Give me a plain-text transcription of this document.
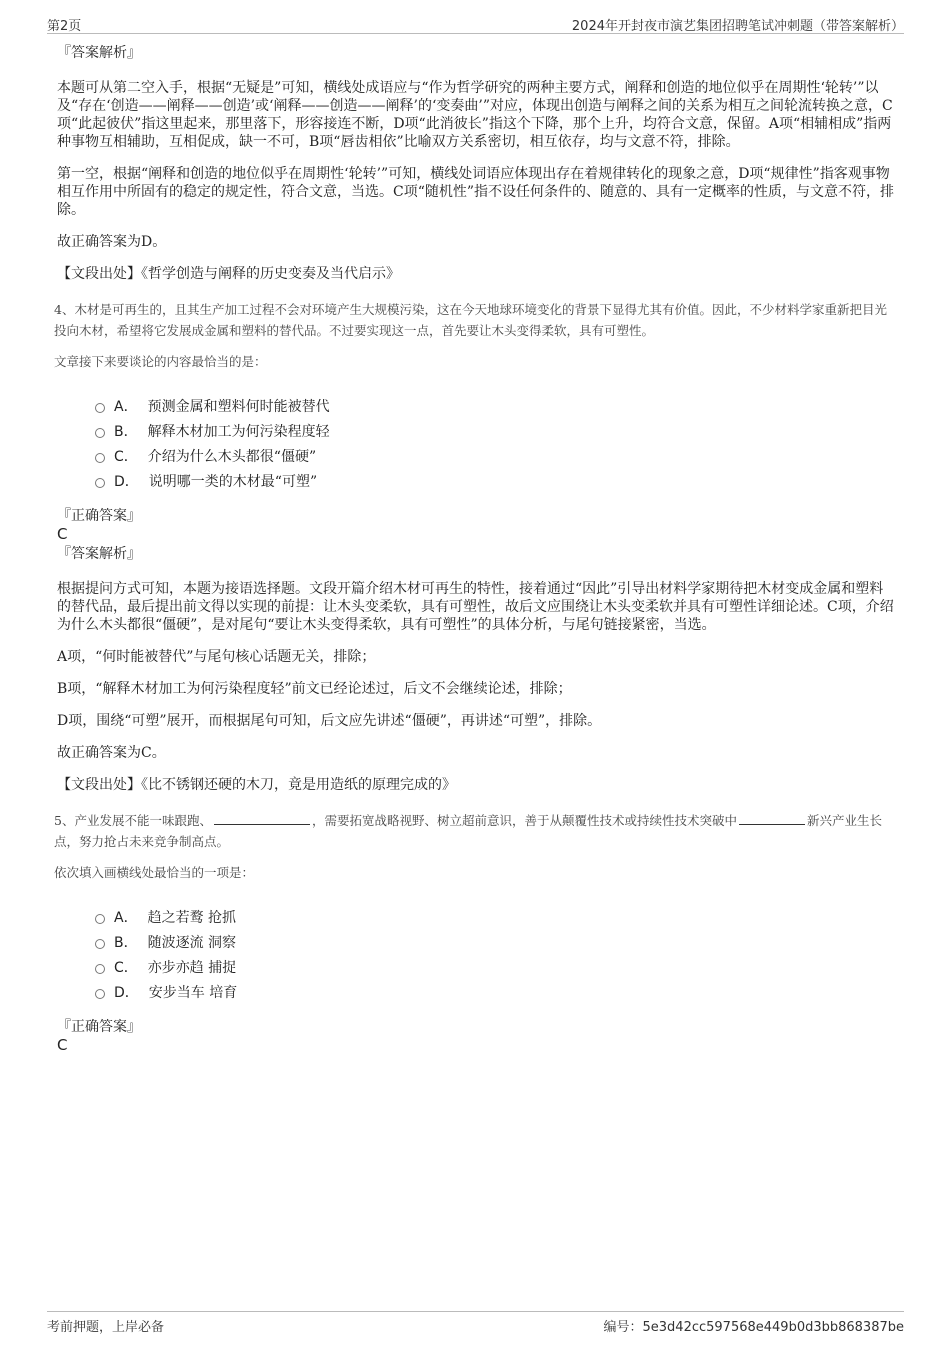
第2页	2024年开封夜市演艺集团招聘笔试冲刺题（带答案解析）
『答案解析』

本题可从第二空入手，根据“无疑是”可知，横线处成语应与“作为哲学研究的两种主要方式，阐释和创造的地位似乎在周期性‘轮转’”以及“存在‘创造——阐释——创造’或‘阐释——创造——阐释’的‘变奏曲’”对应，体现出创造与阐释之间的关系为相互之间轮流转换之意，C项“此起彼伏”指这里起来，那里落下，形容接连不断，D项“此消彼长”指这个下降，那个上升，均符合文意，保留。A项“相辅相成”指两种事物互相辅助，互相促成，缺一不可，B项“唇齿相依”比喻双方关系密切，相互依存，均与文意不符，排除。

第一空，根据“阐释和创造的地位似乎在周期性‘轮转’”可知，横线处词语应体现出存在着规律转化的现象之意，D项“规律性”指客观事物相互作用中所固有的稳定的规定性，符合文意，当选。C项“随机性”指不设任何条件的、随意的、具有一定概率的性质，与文意不符，排除。

故正确答案为D。

【文段出处】《哲学创造与阐释的历史变奏及当代启示》

4、木材是可再生的，且其生产加工过程不会对环境产生大规模污染，这在今天地球环境变化的背景下显得尤其有价值。因此，不少材料学家重新把目光投向木材，希望将它发展成金属和塑料的替代品。不过要实现这一点，首先要让木头变得柔软，具有可塑性。

文章接下来要谈论的内容最恰当的是：

A． 预测金属和塑料何时能被替代
B． 解释木材加工为何污染程度轻
C． 介绍为什么木头都很“僵硬”
D． 说明哪一类的木材最“可塑”
『正确答案』
C
『答案解析』

根据提问方式可知，本题为接语选择题。文段开篇介绍木材可再生的特性，接着通过“因此”引导出材料学家期待把木材变成金属和塑料的替代品，最后提出前文得以实现的前提：让木头变柔软，具有可塑性，故后文应围绕让木头变柔软并具有可塑性详细论述。C项，介绍为什么木头都很“僵硬”，是对尾句“要让木头变得柔软，具有可塑性”的具体分析，与尾句链接紧密，当选。

A项，“何时能被替代”与尾句核心话题无关，排除；

B项，“解释木材加工为何污染程度轻”前文已经论述过，后文不会继续论述，排除；

D项，围绕“可塑”展开，而根据尾句可知，后文应先讲述“僵硬”，再讲述“可塑”，排除。

故正确答案为C。

【文段出处】《比不锈钢还硬的木刀，竟是用造纸的原理完成的》

5、产业发展不能一味跟跑、	，需要拓宽战略视野、树立超前意识，善于从颠覆性技术或持续性技术突破中	新兴产业生长点，努力抢占未来竞争制高点。

依次填入画横线处最恰当的一项是：

A． 趋之若鹜 抢抓
B． 随波逐流 洞察
C． 亦步亦趋 捕捉
D． 安步当车 培育
『正确答案』
C
考前押题，上岸必备	编号：5e3d42cc597568e449b0d3bb868387be
